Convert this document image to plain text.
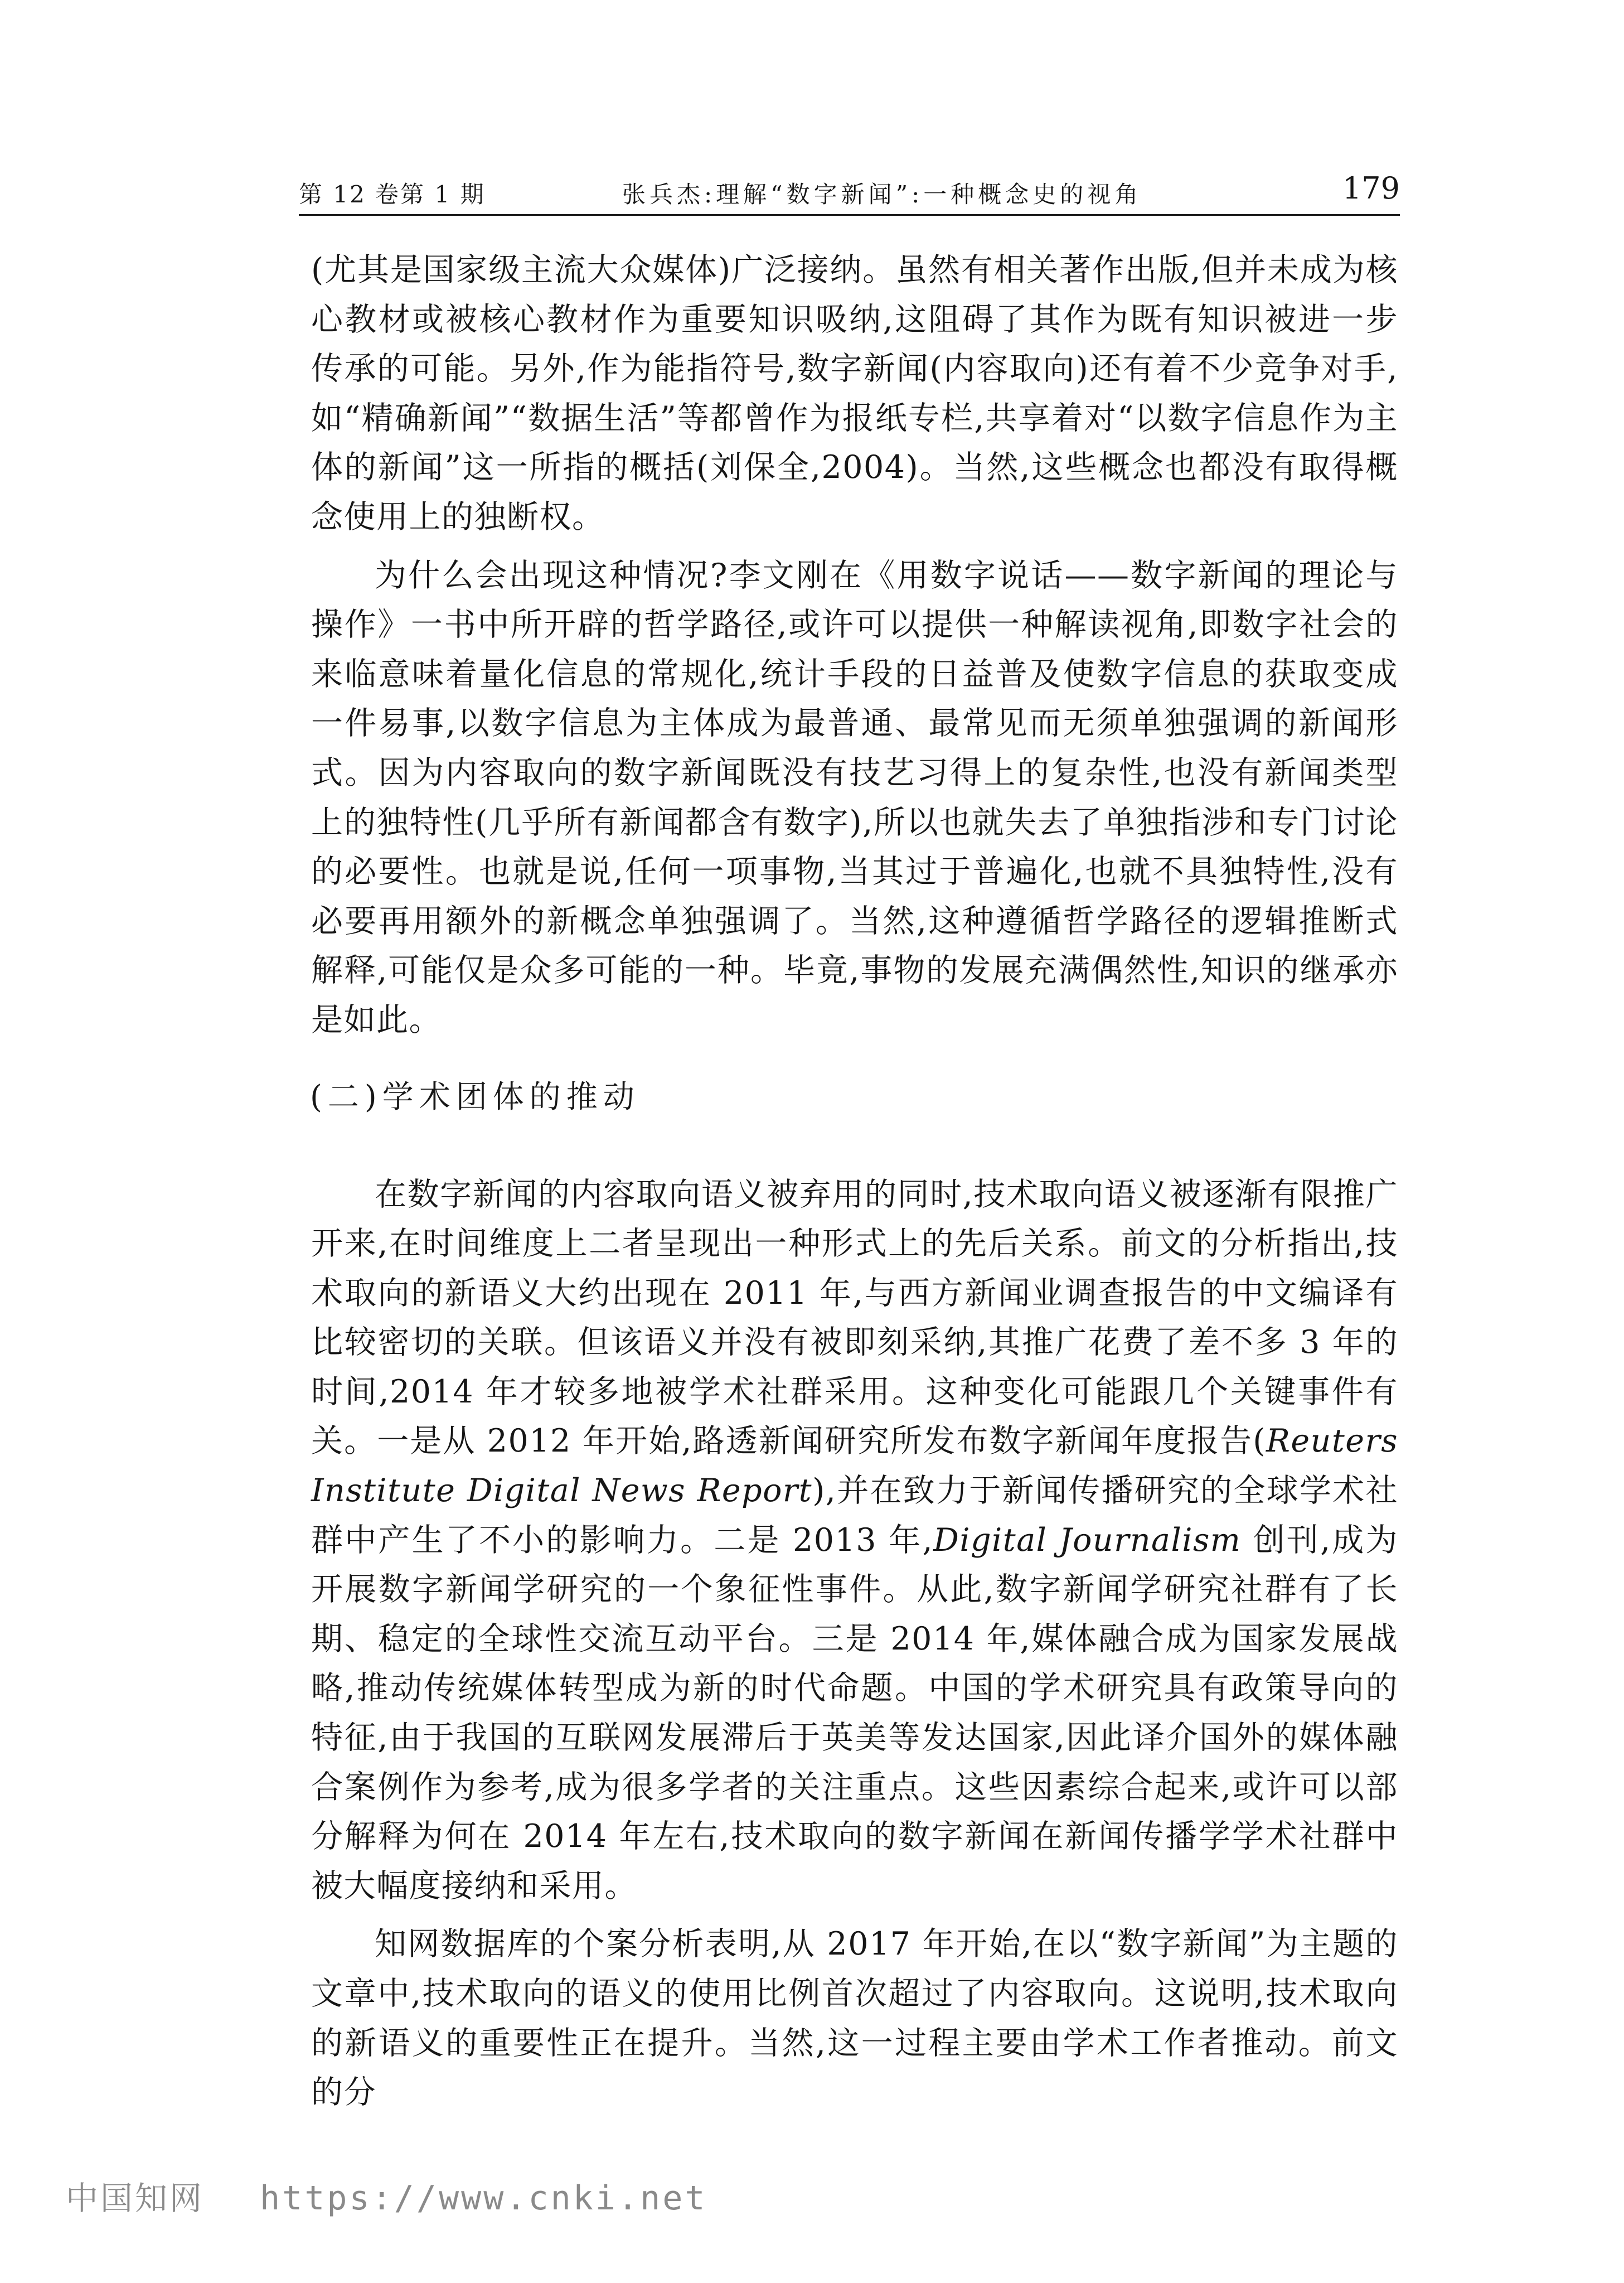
第 12 卷第 1 期	张兵杰:理解“数字新闻”:一种概念史的视角	179

(尤其是国家级主流大众媒体)广泛接纳。虽然有相关著作出版,但并未成为核心教材或被核心教材作为重要知识吸纳,这阻碍了其作为既有知识被进一步传承的可能。另外,作为能指符号,数字新闻(内容取向)还有着不少竞争对手,如“精确新闻”“数据生活”等都曾作为报纸专栏,共享着对“以数字信息作为主体的新闻”这一所指的概括(刘保全,2004)。当然,这些概念也都没有取得概念使用上的独断权。

为什么会出现这种情况?李文刚在《用数字说话——数字新闻的理论与操作》一书中所开辟的哲学路径,或许可以提供一种解读视角,即数字社会的来临意味着量化信息的常规化,统计手段的日益普及使数字信息的获取变成一件易事,以数字信息为主体成为最普通、最常见而无须单独强调的新闻形式。因为内容取向的数字新闻既没有技艺习得上的复杂性,也没有新闻类型上的独特性(几乎所有新闻都含有数字),所以也就失去了单独指涉和专门讨论的必要性。也就是说,任何一项事物,当其过于普遍化,也就不具独特性,没有必要再用额外的新概念单独强调了。当然,这种遵循哲学路径的逻辑推断式解释,可能仅是众多可能的一种。毕竟,事物的发展充满偶然性,知识的继承亦是如此。

(二)学术团体的推动

在数字新闻的内容取向语义被弃用的同时,技术取向语义被逐渐有限推广开来,在时间维度上二者呈现出一种形式上的先后关系。前文的分析指出,技术取向的新语义大约出现在 2011 年,与西方新闻业调查报告的中文编译有比较密切的关联。但该语义并没有被即刻采纳,其推广花费了差不多 3 年的时间,2014 年才较多地被学术社群采用。这种变化可能跟几个关键事件有关。一是从 2012 年开始,路透新闻研究所发布数字新闻年度报告(Reuters Institute Digital News Report),并在致力于新闻传播研究的全球学术社群中产生了不小的影响力。二是 2013 年,Digital Journalism 创刊,成为开展数字新闻学研究的一个象征性事件。从此,数字新闻学研究社群有了长期、稳定的全球性交流互动平台。三是 2014 年,媒体融合成为国家发展战略,推动传统媒体转型成为新的时代命题。中国的学术研究具有政策导向的特征,由于我国的互联网发展滞后于英美等发达国家,因此译介国外的媒体融合案例作为参考,成为很多学者的关注重点。这些因素综合起来,或许可以部分解释为何在 2014 年左右,技术取向的数字新闻在新闻传播学学术社群中被大幅度接纳和采用。

知网数据库的个案分析表明,从 2017 年开始,在以“数字新闻”为主题的文章中,技术取向的语义的使用比例首次超过了内容取向。这说明,技术取向的新语义的重要性正在提升。当然,这一过程主要由学术工作者推动。前文的分

中国知网 https://www.cnki.net
